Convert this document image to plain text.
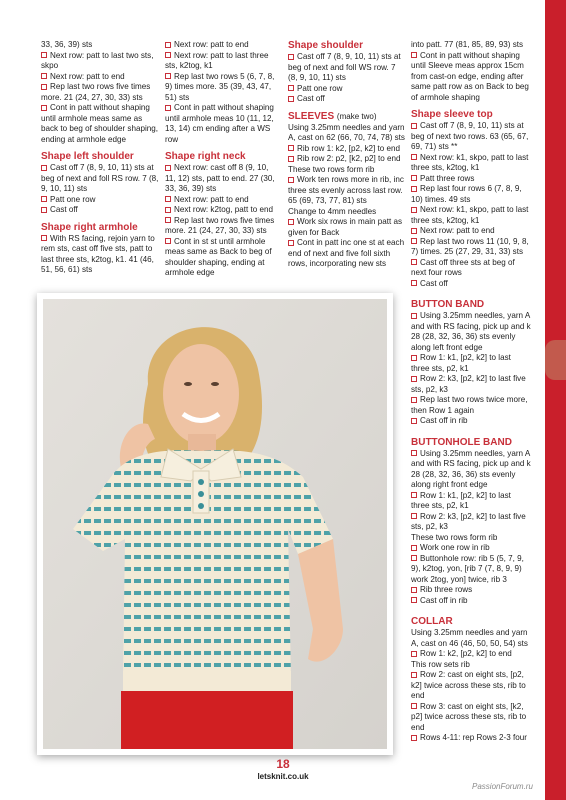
33, 36, 39) sts
Next row: patt to last two sts, skpo
Next row: patt to end
Rep last two rows five times more. 21 (24, 27, 30, 33) sts
Cont in patt without shaping until armhole meas same as back to beg of shoulder shaping, ending at armhole edge

Shape left shoulder

Cast off 7 (8, 9, 10, 11) sts at beg of next and foll RS row. 7 (8, 9, 10, 11) sts
Patt one row
Cast off

Shape right armhole

With RS facing, rejoin yarn to rem sts, cast off five sts, patt to last three sts, k2tog, k1. 41 (46, 51, 56, 61) sts
Next row: patt to end
Next row: patt to last three sts, k2tog, k1
Rep last two rows 5 (6, 7, 8, 9) times more. 35 (39, 43, 47, 51) sts
Cont in patt without shaping until armhole meas 10 (11, 12, 13, 14) cm ending after a WS row

Shape right neck

Next row: cast off 8 (9, 10, 11, 12) sts, patt to end. 27 (30, 33, 36, 39) sts
Next row: patt to end
Next row: k2tog, patt to end
Rep last two rows five times more. 21 (24, 27, 30, 33) sts
Cont in st st until armhole meas same as Back to beg of shoulder shaping, ending at armhole edge

Shape shoulder

Cast off 7 (8, 9, 10, 11) sts at beg of next and foll WS row. 7 (8, 9, 10, 11) sts
Patt one row
Cast off

SLEEVES (make two)

Using 3.25mm needles and yarn A, cast on 62 (66, 70, 74, 78) sts

Rib row 1: k2, [p2, k2] to end
Rib row 2: p2, [k2, p2] to end
These two rows form rib
Work ten rows more in rib, inc three sts evenly across last row. 65 (69, 73, 77, 81) sts
Change to 4mm needles
Work six rows in main patt as given for Back
Cont in patt inc one st at each end of next and five foll sixth rows, incorporating new sts
into patt. 77 (81, 85, 89, 93) sts
Cont in patt without shaping until Sleeve meas approx 15cm from cast-on edge, ending after same patt row as on Back to beg of armhole shaping

Shape sleeve top

Cast off 7 (8, 9, 10, 11) sts at beg of next two rows. 63 (65, 67, 69, 71) sts **
Next row: k1, skpo, patt to last three sts, k2tog, k1
Patt three rows
Rep last four rows 6 (7, 8, 9, 10) times. 49 sts
Next row: k1, skpo, patt to last three sts, k2tog, k1
Next row: patt to end
Rep last two rows 11 (10, 9, 8, 7) times. 25 (27, 29, 31, 33) sts
Cast off three sts at beg of next four rows
Cast off

BUTTON BAND

Using 3.25mm needles, yarn A and with RS facing, pick up and k 28 (28, 32, 36, 36) sts evenly along left front edge
Row 1: k1, [p2, k2] to last three sts, p2, k1
Row 2: k3, [p2, k2] to last five sts, p2, k3
Rep last two rows twice more, then Row 1 again
Cast off in rib

BUTTONHOLE BAND

Using 3.25mm needles, yarn A and with RS facing, pick up and k 28 (28, 32, 36, 36) sts evenly along right front edge
Row 1: k1, [p2, k2] to last three sts, p2, k1
Row 2: k3, [p2, k2] to last five sts, p2, k3
These two rows form rib
Work one row in rib
Buttonhole row: rib 5 (5, 7, 9, 9), k2tog, yon, [rib 7 (7, 8, 9, 9) work 2tog, yon] twice, rib 3
Rib three rows
Cast off in rib

COLLAR

Using 3.25mm needles and yarn A, cast on 46 (46, 50, 50, 54) sts

Row 1: k2, [p2, k2] to end
This row sets rib
Row 2: cast on eight sts, [p2, k2] twice across these sts, rib to end
Row 3: cast on eight sts, [k2, p2] twice across these sts, rib to end
Rows 4-11: rep Rows 2-3 four
18
letsknit.co.uk
PassionForum.ru
